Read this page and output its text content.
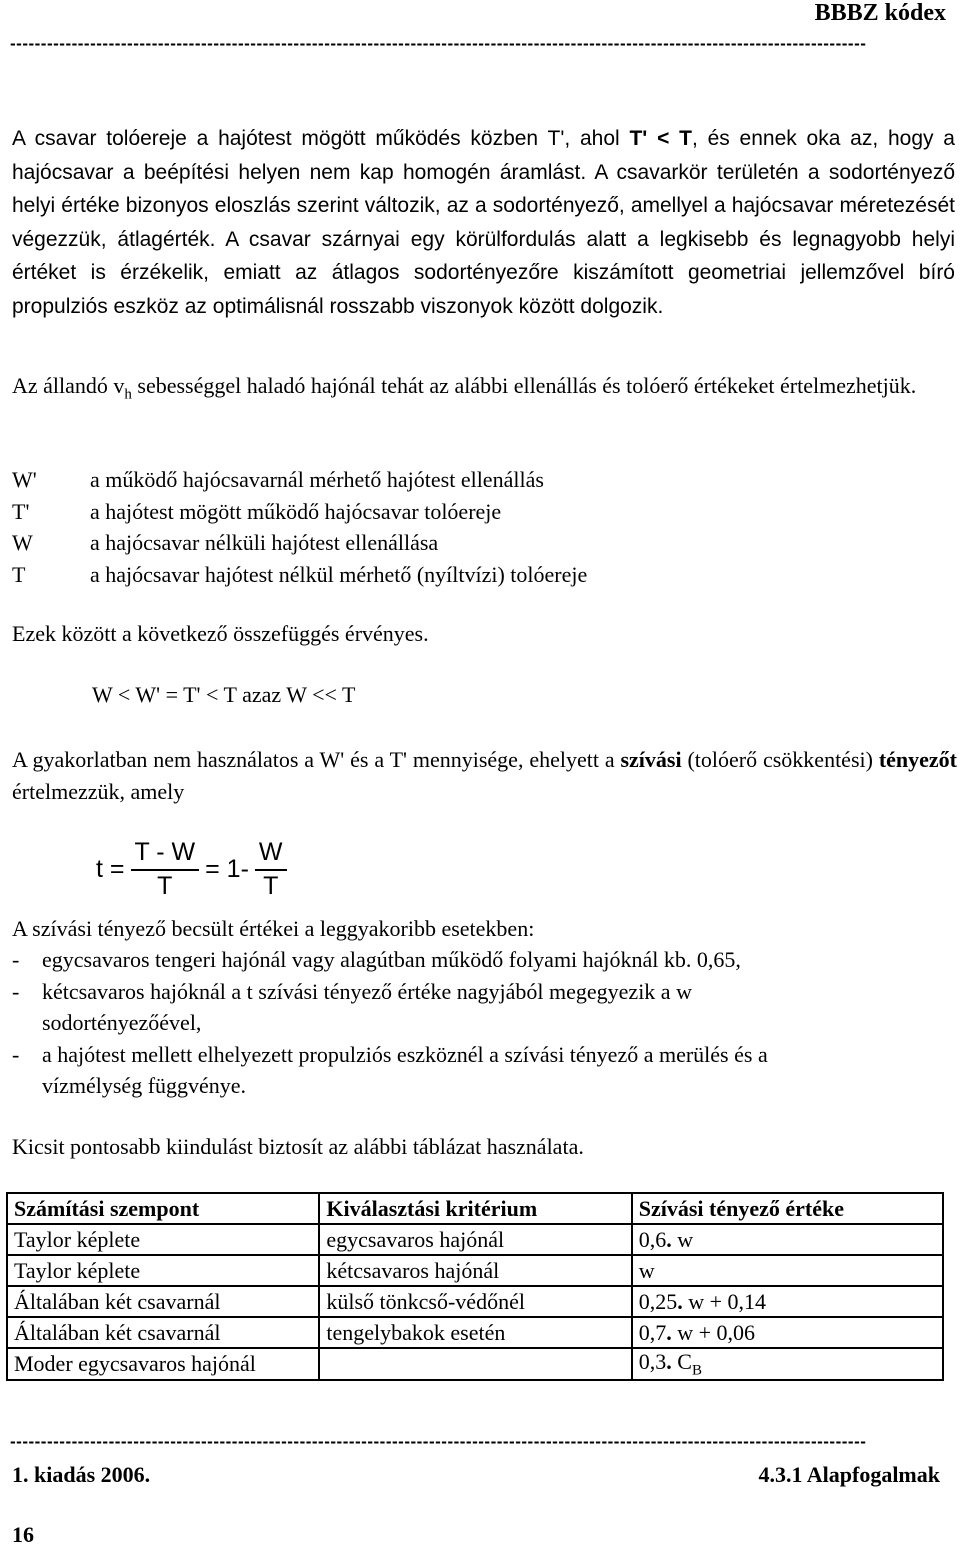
BBBZ kódex
-------------------------------------------------------------------------------------------------------------------------------------------
A csavar tolóereje a hajótest mögött működés közben T', ahol T' < T, és ennek oka az, hogy a hajócsavar a beépítési helyen nem kap homogén áramlást. A csavarkör területén a sodortényező helyi értéke bizonyos eloszlás szerint változik, az a sodortényező, amellyel a hajócsavar méretezését végezzük, átlagérték. A csavar szárnyai egy körülfordulás alatt a legkisebb és legnagyobb helyi értéket is érzékelik, emiatt az átlagos sodortényezőre kiszámított geometriai jellemzővel bíró propulziós eszköz az optimálisnál rosszabb viszonyok között dolgozik.
Az állandó $v_h$ sebességgel haladó hajónál tehát az alábbi ellenállás és tolóerő értékeket értelmezhetjük.
W'	a működő hajócsavarnál mérhető hajótest ellenállás
T'	a hajótest mögött működő hajócsavar tolóereje
W	a hajócsavar nélküli hajótest ellenállása
T	a hajócsavar hajótest nélkül mérhető (nyíltvízi) tolóereje
Ezek között a következő összefüggés érvényes.
W < W' = T' < T azaz W << T
A gyakorlatban nem használatos a W' és a T' mennyisége, ehelyett a szívási (tolóerő csökkentési) tényezőt értelmezzük, amely
$t = \frac{T - W}{T} = 1- \frac{W}{T}$
A szívási tényező becsült értékei a leggyakoribb esetekben:
-	egycsavaros tengeri hajónál vagy alagútban működő folyami hajóknál kb. 0,65,
-	kétcsavaros hajóknál a t szívási tényező értéke nagyjából megegyezik a w
sodortényezőével,
-	a hajótest mellett elhelyezett propulziós eszköznél a szívási tényező a merülés és a
vízmélység függvénye.
Kicsit pontosabb kiindulást biztosít az alábbi táblázat használata.
Számítási szempont	Kiválasztási kritérium	Szívási tényező értéke
Taylor képlete	egycsavaros hajónál	0,6. w
Taylor képlete	kétcsavaros hajónál	w
Általában két csavarnál	külső tönkcső-védőnél	0,25. w + 0,14
Általában két csavarnál	tengelybakok esetén	0,7. w + 0,06
Moder egycsavaros hajónál		0,3. $C_B$
-------------------------------------------------------------------------------------------------------------------------------------------
1. kiadás 2006.	4.3.1 Alapfogalmak
16
